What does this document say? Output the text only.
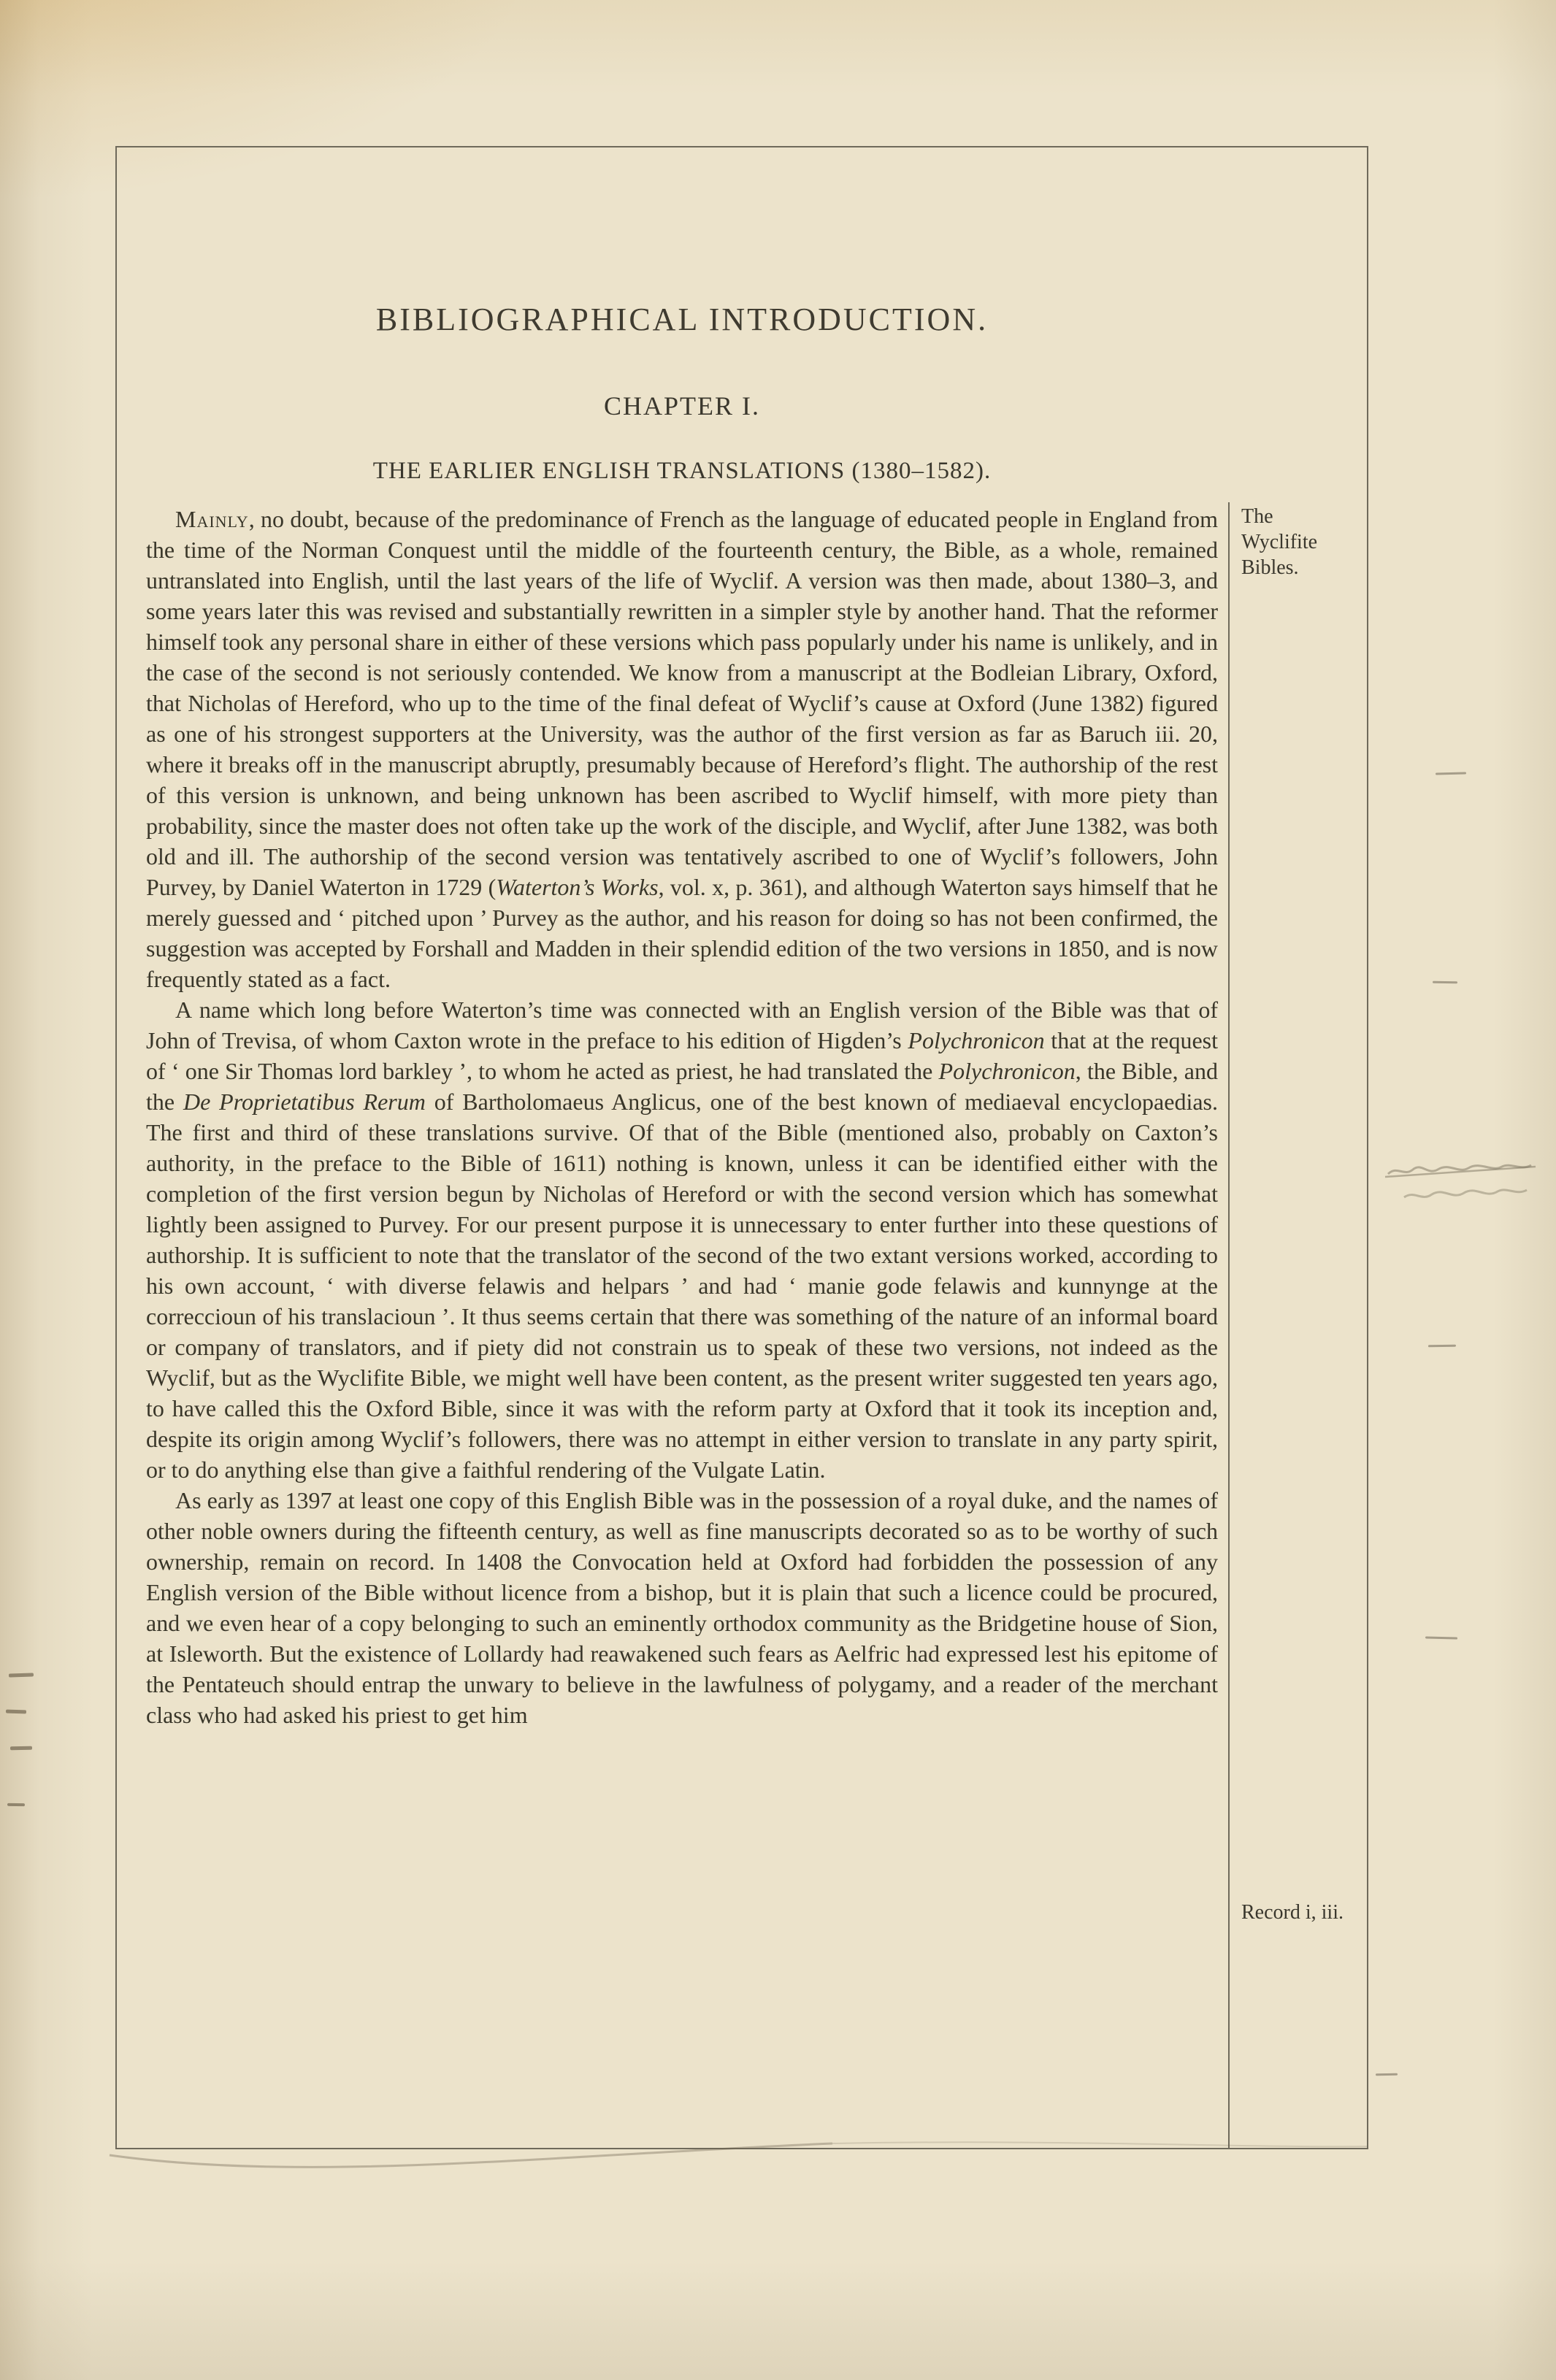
BIBLIOGRAPHICAL INTRODUCTION.
CHAPTER I.
THE EARLIER ENGLISH TRANSLATIONS (1380–1582).

Mainly, no doubt, because of the predominance of French as the language of educated people in England from the time of the Norman Conquest until the middle of the fourteenth century, the Bible, as a whole, remained untranslated into English, until the last years of the life of Wyclif. A version was then made, about 1380–3, and some years later this was revised and substantially rewritten in a simpler style by another hand. That the reformer himself took any personal share in either of these versions which pass popularly under his name is unlikely, and in the case of the second is not seriously contended. We know from a manuscript at the Bodleian Library, Oxford, that Nicholas of Hereford, who up to the time of the final defeat of Wyclif’s cause at Oxford (June 1382) figured as one of his strongest supporters at the University, was the author of the first version as far as Baruch iii. 20, where it breaks off in the manuscript abruptly, presumably because of Hereford’s flight. The authorship of the rest of this version is unknown, and being unknown has been ascribed to Wyclif himself, with more piety than probability, since the master does not often take up the work of the disciple, and Wyclif, after June 1382, was both old and ill. The authorship of the second version was tentatively ascribed to one of Wyclif’s followers, John Purvey, by Daniel Waterton in 1729 (Waterton’s Works, vol. x, p. 361), and although Waterton says himself that he merely guessed and ‘ pitched upon ’ Purvey as the author, and his reason for doing so has not been confirmed, the suggestion was accepted by Forshall and Madden in their splendid edition of the two versions in 1850, and is now frequently stated as a fact.

A name which long before Waterton’s time was connected with an English version of the Bible was that of John of Trevisa, of whom Caxton wrote in the preface to his edition of Higden’s Polychronicon that at the request of ‘ one Sir Thomas lord barkley ’, to whom he acted as priest, he had translated the Polychronicon, the Bible, and the De Proprietatibus Rerum of Bartholomaeus Anglicus, one of the best known of mediaeval encyclopaedias. The first and third of these translations survive. Of that of the Bible (mentioned also, probably on Caxton’s authority, in the preface to the Bible of 1611) nothing is known, unless it can be identified either with the completion of the first version begun by Nicholas of Hereford or with the second version which has somewhat lightly been assigned to Purvey. For our present purpose it is unnecessary to enter further into these questions of authorship. It is sufficient to note that the translator of the second of the two extant versions worked, according to his own account, ‘ with diverse felawis and helpars ’ and had ‘ manie gode felawis and kunnynge at the correccioun of his translacioun ’. It thus seems certain that there was something of the nature of an informal board or company of translators, and if piety did not constrain us to speak of these two versions, not indeed as the Wyclif, but as the Wyclifite Bible, we might well have been content, as the present writer suggested ten years ago, to have called this the Oxford Bible, since it was with the reform party at Oxford that it took its inception and, despite its origin among Wyclif’s followers, there was no attempt in either version to translate in any party spirit, or to do anything else than give a faithful rendering of the Vulgate Latin.

As early as 1397 at least one copy of this English Bible was in the possession of a royal duke, and the names of other noble owners during the fifteenth century, as well as fine manuscripts decorated so as to be worthy of such ownership, remain on record. In 1408 the Convocation held at Oxford had forbidden the possession of any English version of the Bible without licence from a bishop, but it is plain that such a licence could be procured, and we even hear of a copy belonging to such an eminently orthodox community as the Bridgetine house of Sion, at Isleworth. But the existence of Lollardy had reawakened such fears as Aelfric had expressed lest his epitome of the Pentateuch should entrap the unwary to believe in the lawfulness of polygamy, and a reader of the merchant class who had asked his priest to get him

The Wyclifite Bibles.
Record i, iii.
